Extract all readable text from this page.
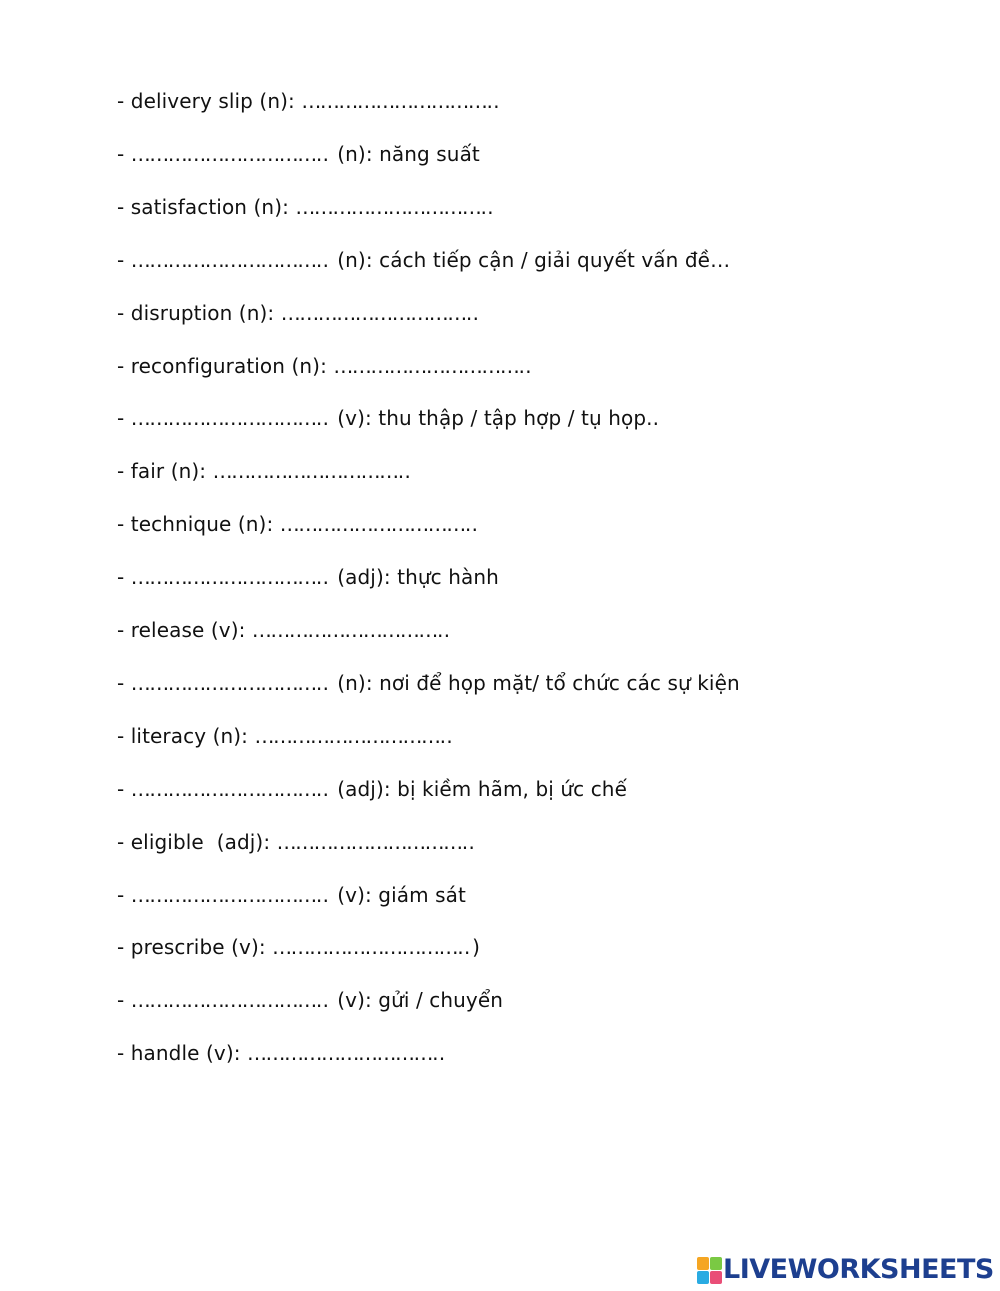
- delivery slip (n): …………………………………
- …………………………………	(n): năng suất
- satisfaction (n): …………………………………
- …………………………………	(n): cách tiếp cận / giải quyết vấn đề…
- disruption (n): …………………………………
- reconfiguration (n): …………………………………
- …………………………………	(v): thu thập / tập hợp / tụ họp..
- fair (n): …………………………………
- technique (n): …………………………………
- …………………………………	(adj): thực hành
- release (v): …………………………………
- …………………………………	(n): nơi để họp mặt/ tổ chức các sự kiện
- literacy (n): …………………………………
- …………………………………	(adj): bị kiềm hãm, bị ức chế
- eligible  (adj): …………………………………
- …………………………………	(v): giám sát
- prescribe (v): …………………………………	)
- …………………………………	(v): gửi / chuyển
- handle (v): …………………………………
LIVEWORKSHEETS
